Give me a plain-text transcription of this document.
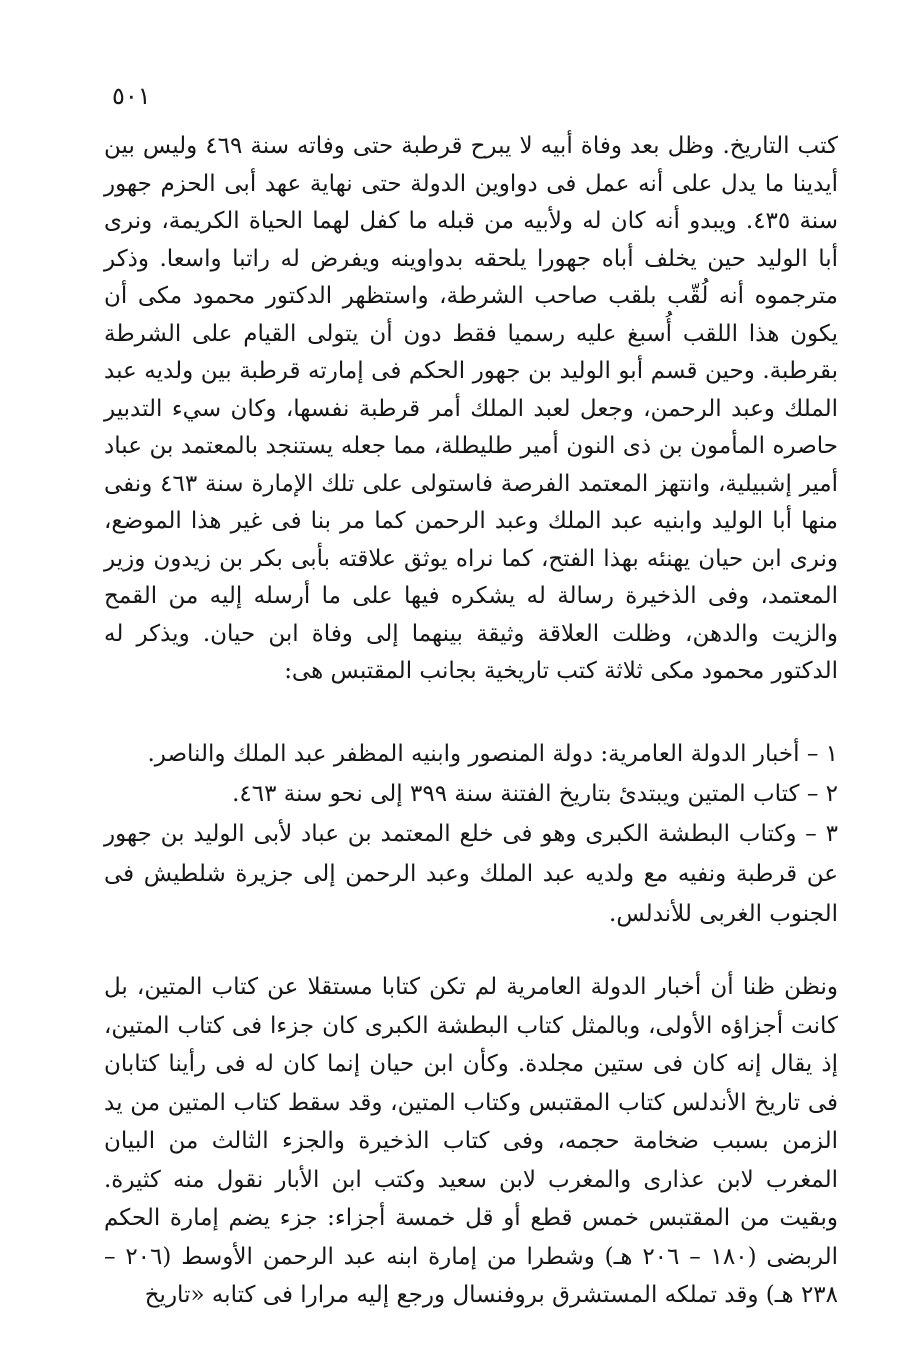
٥٠١

كتب التاريخ. وظل بعد وفاة أبيه لا يبرح قرطبة حتى وفاته سنة ٤٦٩ وليس بين أيدينا ما يدل على أنه عمل فى دواوين الدولة حتى نهاية عهد أبى الحزم جهور سنة ٤٣٥. ويبدو أنه كان له ولأبيه من قبله ما كفل لهما الحياة الكريمة، ونرى أبا الوليد حين يخلف أباه جهورا يلحقه بدواوينه ويفرض له راتبا واسعا. وذكر مترجموه أنه لُقّب بلقب صاحب الشرطة، واستظهر الدكتور محمود مكى أن يكون هذا اللقب أُسبغ عليه رسميا فقط دون أن يتولى القيام على الشرطة بقرطبة. وحين قسم أبو الوليد بن جهور الحكم فى إمارته قرطبة بين ولديه عبد الملك وعبد الرحمن، وجعل لعبد الملك أمر قرطبة نفسها، وكان سيء التدبير حاصره المأمون بن ذى النون أمير طليطلة، مما جعله يستنجد بالمعتمد بن عباد أمير إشبيلية، وانتهز المعتمد الفرصة فاستولى على تلك الإمارة سنة ٤٦٣ ونفى منها أبا الوليد وابنيه عبد الملك وعبد الرحمن كما مر بنا فى غير هذا الموضع، ونرى ابن حيان يهنئه بهذا الفتح، كما نراه يوثق علاقته بأبى بكر بن زيدون وزير المعتمد، وفى الذخيرة رسالة له يشكره فيها على ما أرسله إليه من القمح والزيت والدهن، وظلت العلاقة وثيقة بينهما إلى وفاة ابن حيان. ويذكر له الدكتور محمود مكى ثلاثة كتب تاريخية بجانب المقتبس هى:

١ – أخبار الدولة العامرية: دولة المنصور وابنيه المظفر عبد الملك والناصر.
٢ – كتاب المتين ويبتدئ بتاريخ الفتنة سنة ٣٩٩ إلى نحو سنة ٤٦٣.
٣ – وكتاب البطشة الكبرى وهو فى خلع المعتمد بن عباد لأبى الوليد بن جهور عن قرطبة ونفيه مع ولديه عبد الملك وعبد الرحمن إلى جزيرة شلطيش فى الجنوب الغربى للأندلس.

ونظن ظنا أن أخبار الدولة العامرية لم تكن كتابا مستقلا عن كتاب المتين، بل كانت أجزاؤه الأولى، وبالمثل كتاب البطشة الكبرى كان جزءا فى كتاب المتين، إذ يقال إنه كان فى ستين مجلدة. وكأن ابن حيان إنما كان له فى رأينا كتابان فى تاريخ الأندلس كتاب المقتبس وكتاب المتين، وقد سقط كتاب المتين من يد الزمن بسبب ضخامة حجمه، وفى كتاب الذخيرة والجزء الثالث من البيان المغرب لابن عذارى والمغرب لابن سعيد وكتب ابن الأبار نقول منه كثيرة. وبقيت من المقتبس خمس قطع أو قل خمسة أجزاء: جزء يضم إمارة الحكم الربضى (١٨٠ – ٢٠٦ هـ) وشطرا من إمارة ابنه عبد الرحمن الأوسط (٢٠٦ – ٢٣٨ هـ) وقد تملكه المستشرق بروفنسال ورجع إليه مرارا فى كتابه «تاريخ
